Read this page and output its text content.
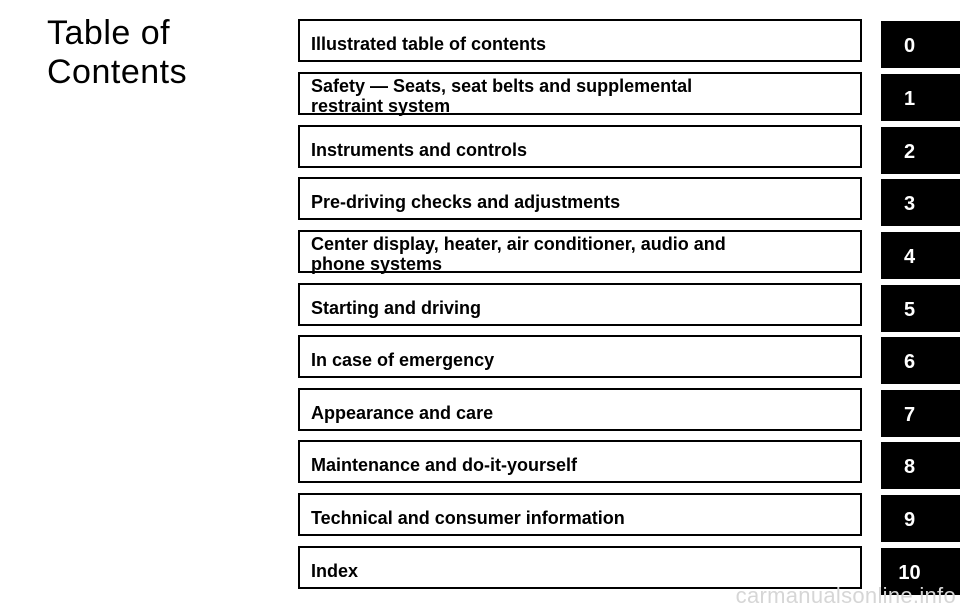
Table of
Contents
Illustrated table of contents
Safety — Seats, seat belts and supplemental
restraint system
Instruments and controls
Pre-driving checks and adjustments
Center display, heater, air conditioner, audio and
phone systems
Starting and driving
In case of emergency
Appearance and care
Maintenance and do-it-yourself
Technical and consumer information
Index
0
1
2
3
4
5
6
7
8
9
10
carmanualsonline.info
